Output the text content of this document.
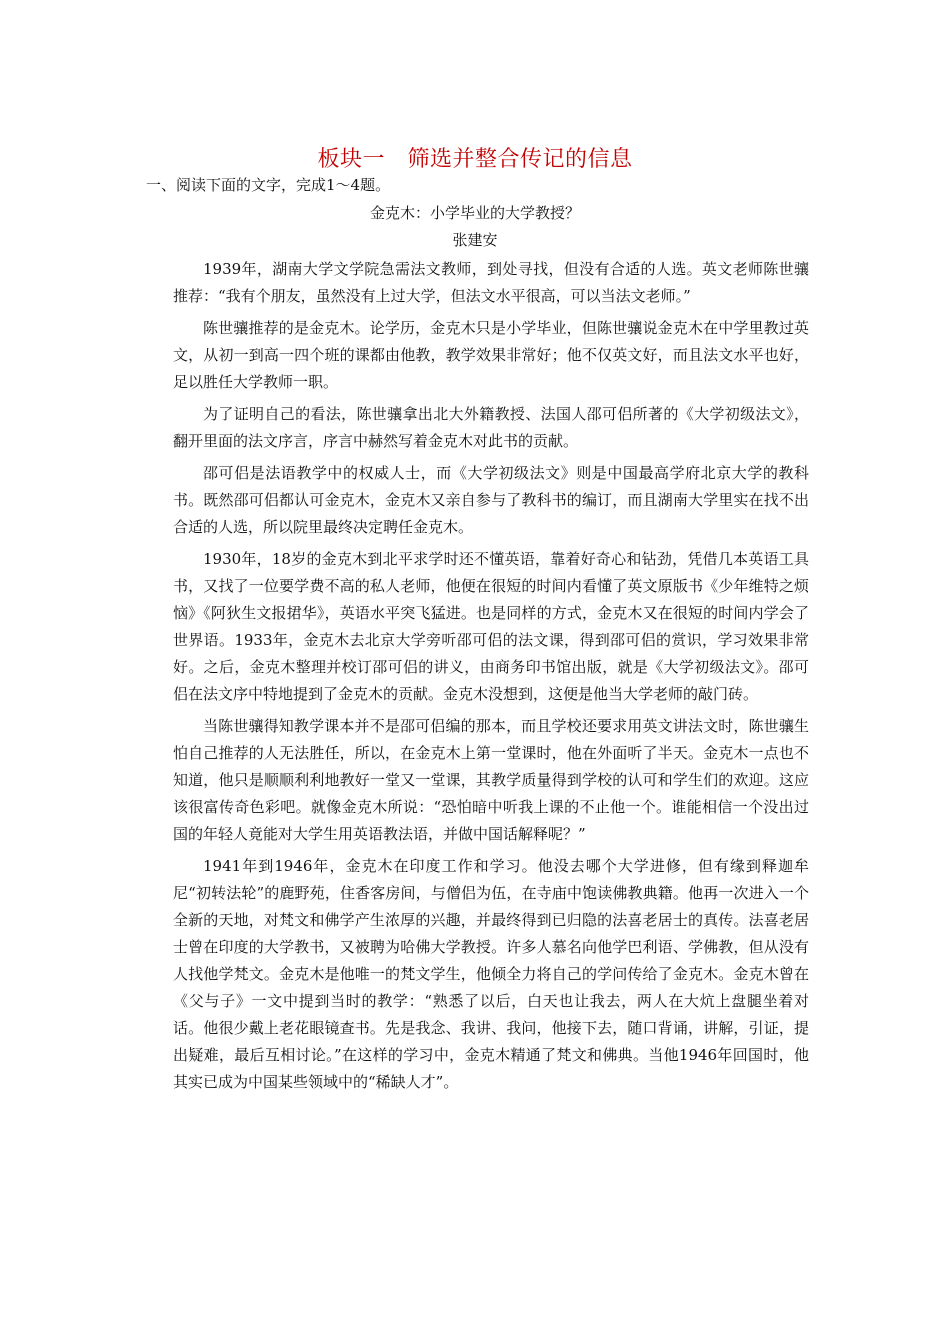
板块一　筛选并整合传记的信息
一、阅读下面的文字，完成1～4题。
金克木：小学毕业的大学教授？
张建安

1939年，湖南大学文学院急需法文教师，到处寻找，但没有合适的人选。英文老师陈世骧推荐：“我有个朋友，虽然没有上过大学，但法文水平很高，可以当法文老师。”

陈世骧推荐的是金克木。论学历，金克木只是小学毕业，但陈世骧说金克木在中学里教过英文，从初一到高一四个班的课都由他教，教学效果非常好；他不仅英文好，而且法文水平也好，足以胜任大学教师一职。

为了证明自己的看法，陈世骧拿出北大外籍教授、法国人邵可侣所著的《大学初级法文》，翻开里面的法文序言，序言中赫然写着金克木对此书的贡献。

邵可侣是法语教学中的权威人士，而《大学初级法文》则是中国最高学府北京大学的教科书。既然邵可侣都认可金克木，金克木又亲自参与了教科书的编订，而且湖南大学里实在找不出合适的人选，所以院里最终决定聘任金克木。

1930年，18岁的金克木到北平求学时还不懂英语，靠着好奇心和钻劲，凭借几本英语工具书，又找了一位要学费不高的私人老师，他便在很短的时间内看懂了英文原版书《少年维特之烦恼》《阿狄生文报捃华》，英语水平突飞猛进。也是同样的方式，金克木又在很短的时间内学会了世界语。1933年，金克木去北京大学旁听邵可侣的法文课，得到邵可侣的赏识，学习效果非常好。之后，金克木整理并校订邵可侣的讲义，由商务印书馆出版，就是《大学初级法文》。邵可侣在法文序中特地提到了金克木的贡献。金克木没想到，这便是他当大学老师的敲门砖。

当陈世骧得知教学课本并不是邵可侣编的那本，而且学校还要求用英文讲法文时，陈世骧生怕自己推荐的人无法胜任，所以，在金克木上第一堂课时，他在外面听了半天。金克木一点也不知道，他只是顺顺利利地教好一堂又一堂课，其教学质量得到学校的认可和学生们的欢迎。这应该很富传奇色彩吧。就像金克木所说：“恐怕暗中听我上课的不止他一个。谁能相信一个没出过国的年轻人竟能对大学生用英语教法语，并做中国话解释呢？”

1941年到1946年，金克木在印度工作和学习。他没去哪个大学进修，但有缘到释迦牟尼“初转法轮”的鹿野苑，住香客房间，与僧侣为伍，在寺庙中饱读佛教典籍。他再一次进入一个全新的天地，对梵文和佛学产生浓厚的兴趣，并最终得到已归隐的法喜老居士的真传。法喜老居士曾在印度的大学教书，又被聘为哈佛大学教授。许多人慕名向他学巴利语、学佛教，但从没有人找他学梵文。金克木是他唯一的梵文学生，他倾全力将自己的学问传给了金克木。金克木曾在《父与子》一文中提到当时的教学：“熟悉了以后，白天也让我去，两人在大炕上盘腿坐着对话。他很少戴上老花眼镜查书。先是我念、我讲、我问，他接下去，随口背诵，讲解，引证，提出疑难，最后互相讨论。”在这样的学习中，金克木精通了梵文和佛典。当他1946年回国时，他其实已成为中国某些领域中的“稀缺人才”。
